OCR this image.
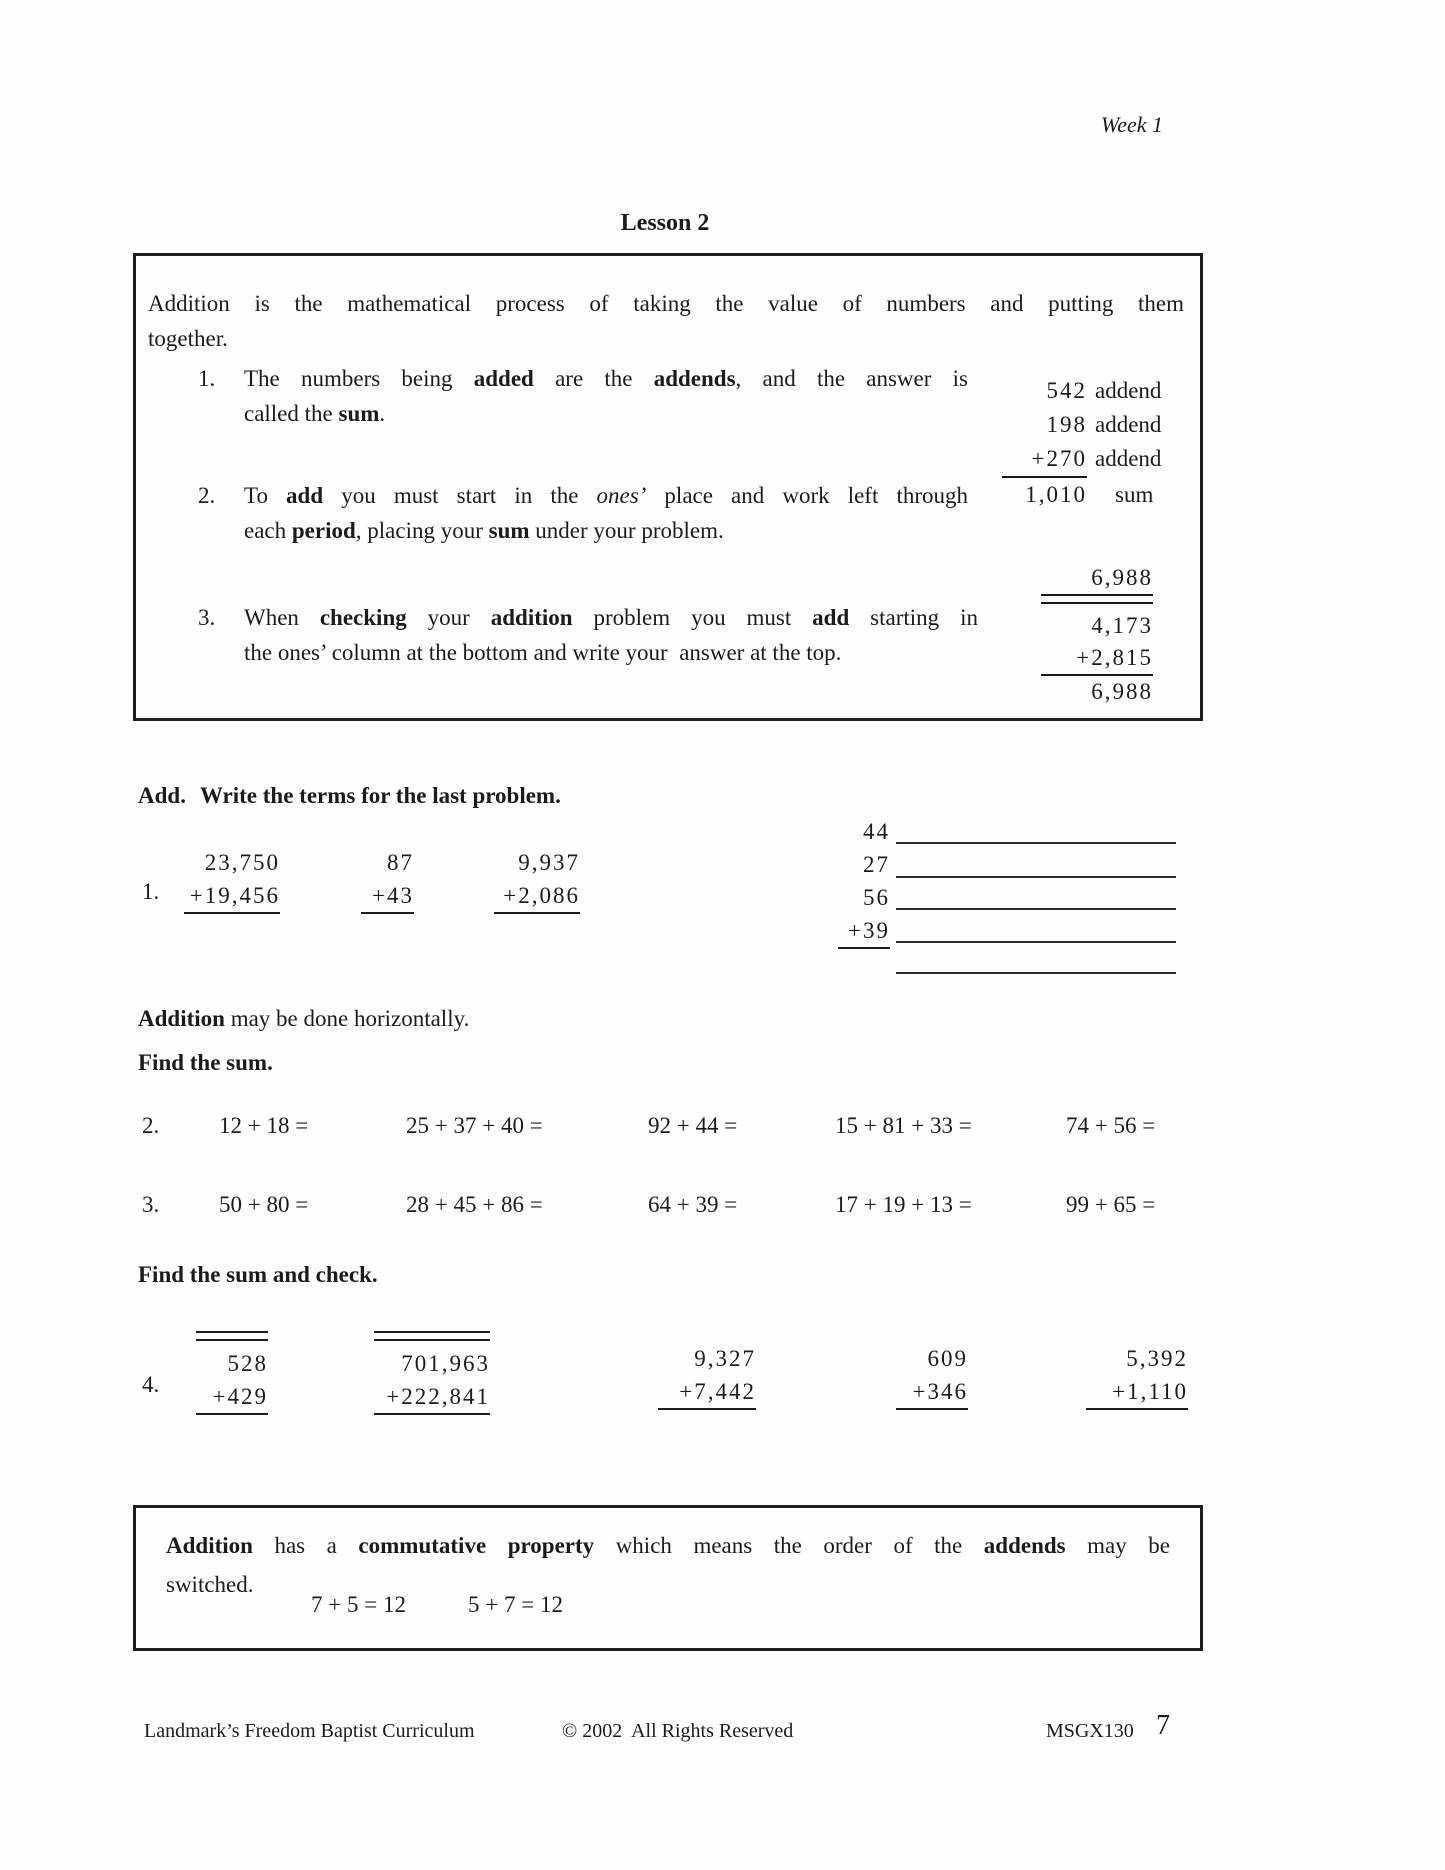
Week 1
Lesson 2
Addition is the mathematical process of taking the value of numbers and putting them
together.
1. The numbers being added are the addends, and the answer is
called the sum.
2. To add you must start in the ones’ place and work left through
each period, placing your sum under your problem.
3. When checking your addition problem you must add starting in
the ones’ column at the bottom and write your  answer at the top.
542 addend
198 addend
+270 addend
1,010 sum
6,988
4,173
+2,815
6,988
Add. Write the terms for the last problem.
1.
23,750
+19,456
87
+43
9,937
+2,086
44
27
56
+39
Addition may be done horizontally.
Find the sum.
2.	12 + 18 =	25 + 37 + 40 =	92 + 44 =	15 + 81 + 33 =	74 + 56 =
3.	50 + 80 =	28 + 45 + 86 =	64 + 39 =	17 + 19 + 13 =	99 + 65 =
Find the sum and check.
4.
528
+429
701,963
+222,841
9,327
+7,442
609
+346
5,392
+1,110
Addition has a commutative property which means the order of the addends may be
switched.
7 + 5 = 12	5 + 7 = 12
Landmark’s Freedom Baptist Curriculum	© 2002  All Rights Reserved	MSGX130 7
